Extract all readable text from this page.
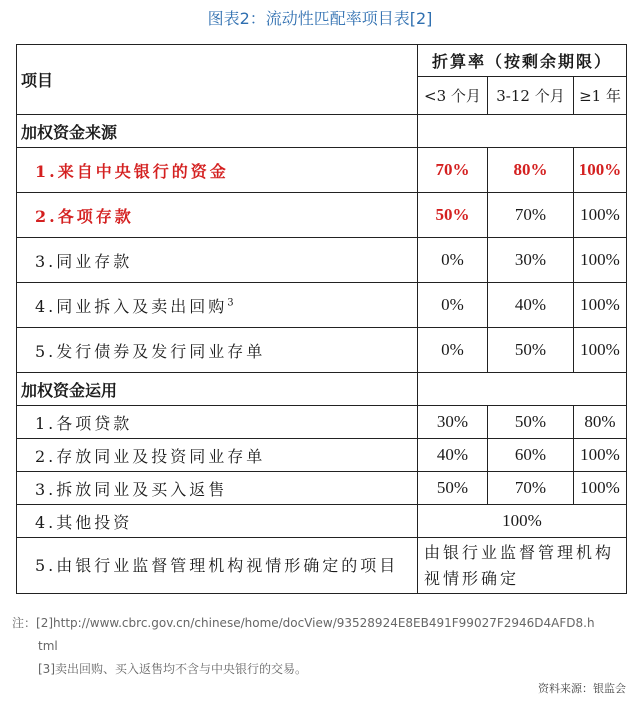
图表2：流动性匹配率项目表[2]
项目	折算率（按剩余期限）		
	<3 个月	3-12 个月	≥1 年
加权资金来源			
1.来自中央银行的资金	70%	80%	100%
2.各项存款	50%	70%	100%
3.同业存款	0%	30%	100%
4.同业拆入及卖出回购$^3$	0%	40%	100%
5.发行债券及发行同业存单	0%	50%	100%
加权资金运用			
1.各项贷款	30%	50%	80%
2.存放同业及投资同业存单	40%	60%	100%
3.拆放同业及买入返售	50%	70%	100%
4.其他投资	100%		
5.由银行业监督管理机构视情形确定的项目	由银行业监督管理机构视情形确定		
注：[2]http://www.cbrc.gov.cn/chinese/home/docView/93528924E8EB491F99027F2946D4AFD8.h
tml
[3]卖出回购、买入返售均不含与中央银行的交易。
资料来源：银监会
